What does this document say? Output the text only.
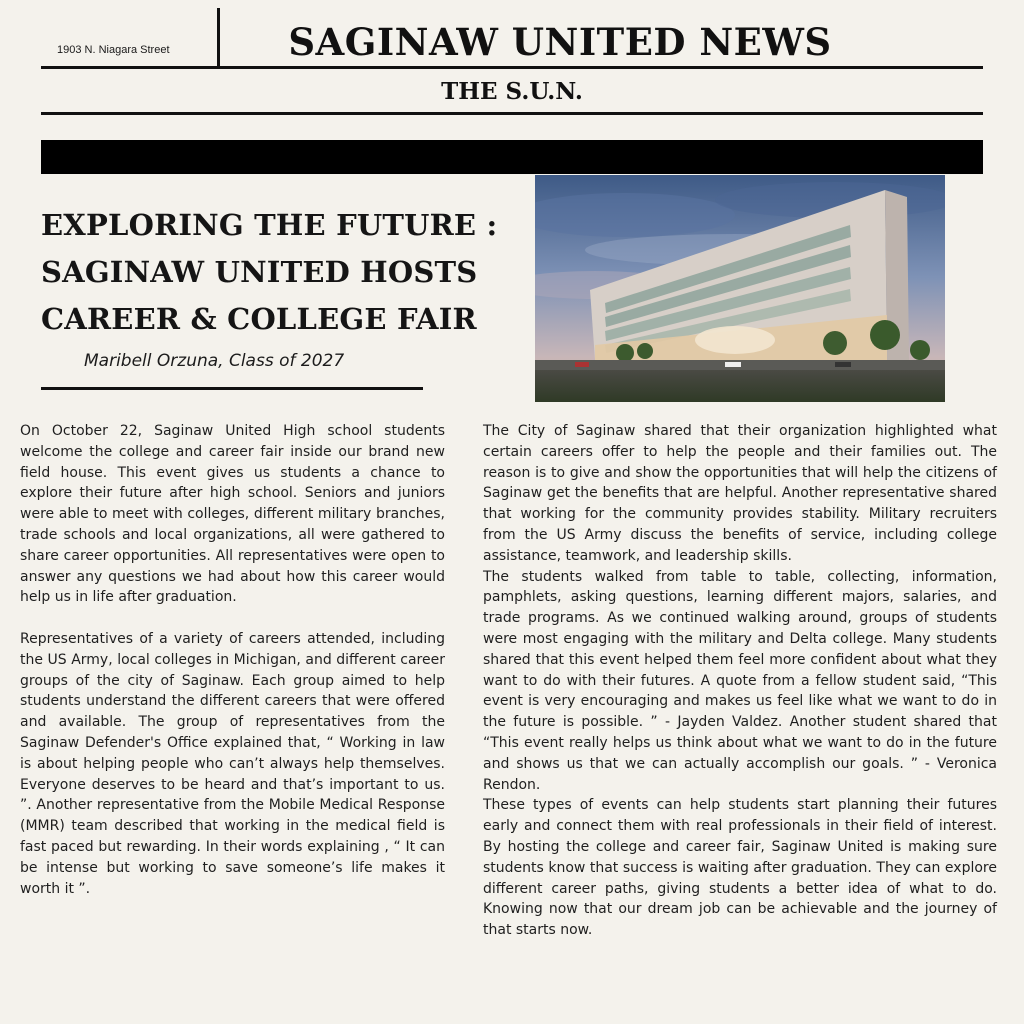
1903 N. Niagara Street	SAGINAW UNITED NEWS
THE S.U.N.
EXPLORING THE FUTURE :
SAGINAW UNITED HOSTS
CAREER & COLLEGE FAIR
Maribell Orzuna, Class of 2027

On October 22, Saginaw United High school students welcome the college and career fair inside our brand new field house. This event gives us students a chance to explore their future after high school. Seniors and juniors were able to meet with colleges, different military branches, trade schools and local organizations, all were gathered to share career opportunities. All representatives were open to answer any questions we had about how this career would help us in life after graduation.

Representatives of a variety of careers attended, including the US Army, local colleges in Michigan, and different career groups of the city of Saginaw. Each group aimed to help students understand the different careers that were offered and available. The group of representatives from the Saginaw Defender's Office explained that, “ Working in law is about helping people who can’t always help themselves. Everyone deserves to be heard and that’s important to us. ”. Another representative from the Mobile Medical Response (MMR) team described that working in the medical field is fast paced but rewarding. In their words explaining , “ It can be intense but working to save someone’s life makes it worth it ”.

The City of Saginaw shared that their organization highlighted what certain careers offer to help the people and their families out. The reason is to give and show the opportunities that will help the citizens of Saginaw get the benefits that are helpful. Another representative shared that working for the community provides stability. Military recruiters from the US Army discuss the benefits of service, including college assistance, teamwork, and leadership skills.

The students walked from table to table, collecting, information, pamphlets, asking questions, learning different majors, salaries, and trade programs. As we continued walking around, groups of students were most engaging with the military and Delta college. Many students shared that this event helped them feel more confident about what they want to do with their futures. A quote from a fellow student said, “This event is very encouraging and makes us feel like what we want to do in the future is possible. ” - Jayden Valdez. Another student shared that “This event really helps us think about what we want to do in the future and shows us that we can actually accomplish our goals. ” - Veronica Rendon.

These types of events can help students start planning their futures early and connect them with real professionals in their field of interest. By hosting the college and career fair, Saginaw United is making sure students know that success is waiting after graduation. They can explore different career paths, giving students a better idea of what to do. Knowing now that our dream job can be achievable and the journey of that starts now.
